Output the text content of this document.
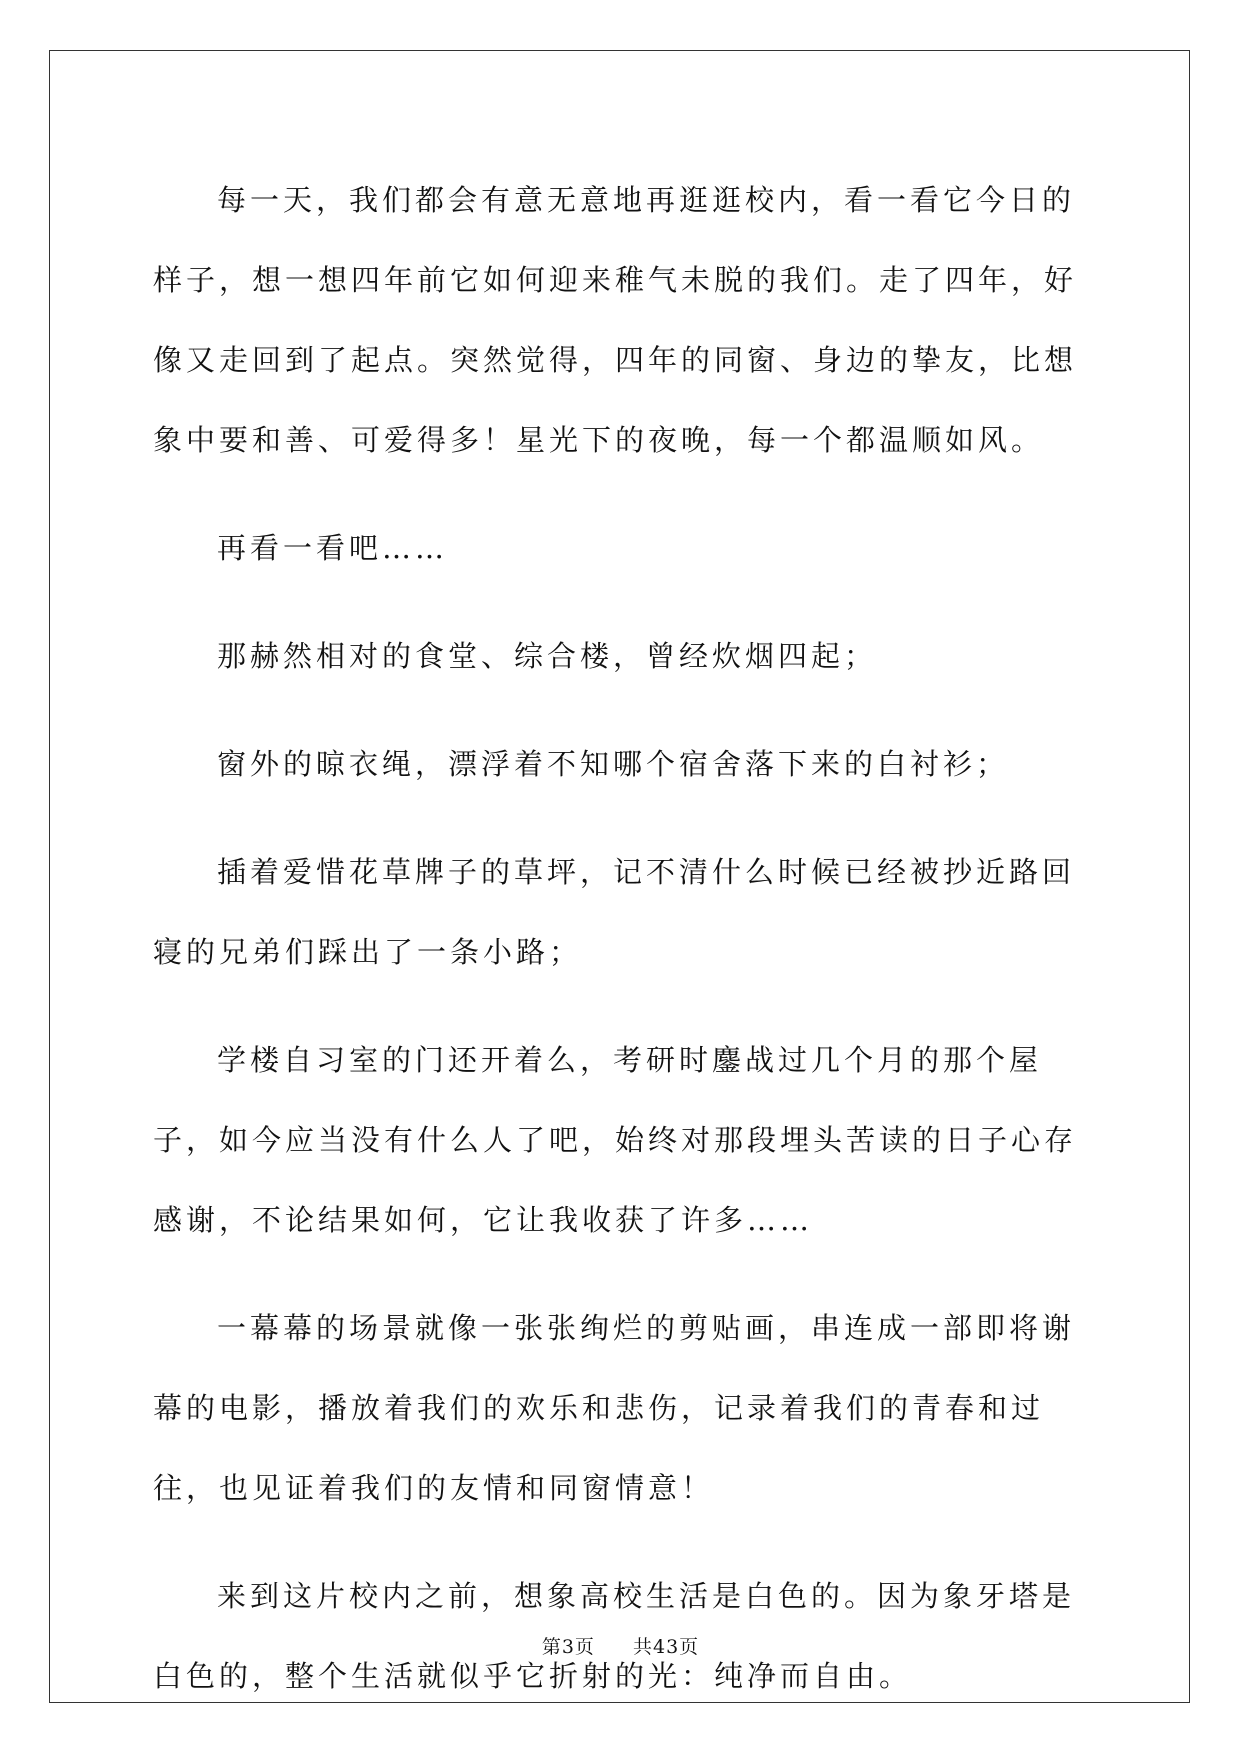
每一天，我们都会有意无意地再逛逛校内，看一看它今日的样子，想一想四年前它如何迎来稚气未脱的我们。走了四年，好像又走回到了起点。突然觉得，四年的同窗、身边的挚友，比想象中要和善、可爱得多！星光下的夜晚，每一个都温顺如风。

再看一看吧……

那赫然相对的食堂、综合楼，曾经炊烟四起；

窗外的晾衣绳，漂浮着不知哪个宿舍落下来的白衬衫；

插着爱惜花草牌子的草坪，记不清什么时候已经被抄近路回寝的兄弟们踩出了一条小路；

学楼自习室的门还开着么，考研时鏖战过几个月的那个屋子，如今应当没有什么人了吧，始终对那段埋头苦读的日子心存感谢，不论结果如何，它让我收获了许多……

一幕幕的场景就像一张张绚烂的剪贴画，串连成一部即将谢幕的电影，播放着我们的欢乐和悲伤，记录着我们的青春和过往，也见证着我们的友情和同窗情意！

来到这片校内之前，想象高校生活是白色的。因为象牙塔是白色的，整个生活就似乎它折射的光：纯净而自由。

第3页 共43页
